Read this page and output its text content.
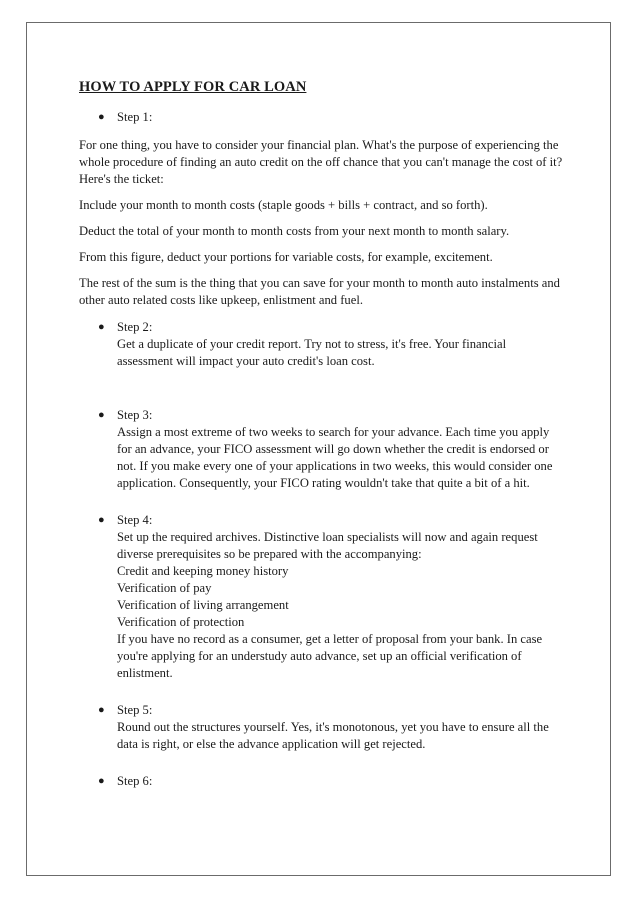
HOW TO APPLY FOR CAR LOAN
● Step 1:

For one thing, you have to consider your financial plan. What's the purpose of experiencing the whole procedure of finding an auto credit on the off chance that you can't manage the cost of it? Here's the ticket:

Include your month to month costs (staple goods + bills + contract, and so forth).

Deduct the total of your month to month costs from your next month to month salary.

From this figure, deduct your portions for variable costs, for example, excitement.

The rest of the sum is the thing that you can save for your month to month auto instalments and other auto related costs like upkeep, enlistment and fuel.

● Step 2:
Get a duplicate of your credit report. Try not to stress, it's free. Your financial
assessment will impact your auto credit's loan cost.
● Step 3:
Assign a most extreme of two weeks to search for your advance. Each time you apply
for an advance, your FICO assessment will go down whether the credit is endorsed or
not. If you make every one of your applications in two weeks, this would consider one
application. Consequently, your FICO rating wouldn't take that quite a bit of a hit.
● Step 4:
Set up the required archives. Distinctive loan specialists will now and again request
diverse prerequisites so be prepared with the accompanying:
Credit and keeping money history
Verification of pay
Verification of living arrangement
Verification of protection
If you have no record as a consumer, get a letter of proposal from your bank. In case
you're applying for an understudy auto advance, set up an official verification of
enlistment.
● Step 5:
Round out the structures yourself. Yes, it's monotonous, yet you have to ensure all the
data is right, or else the advance application will get rejected.
● Step 6:
